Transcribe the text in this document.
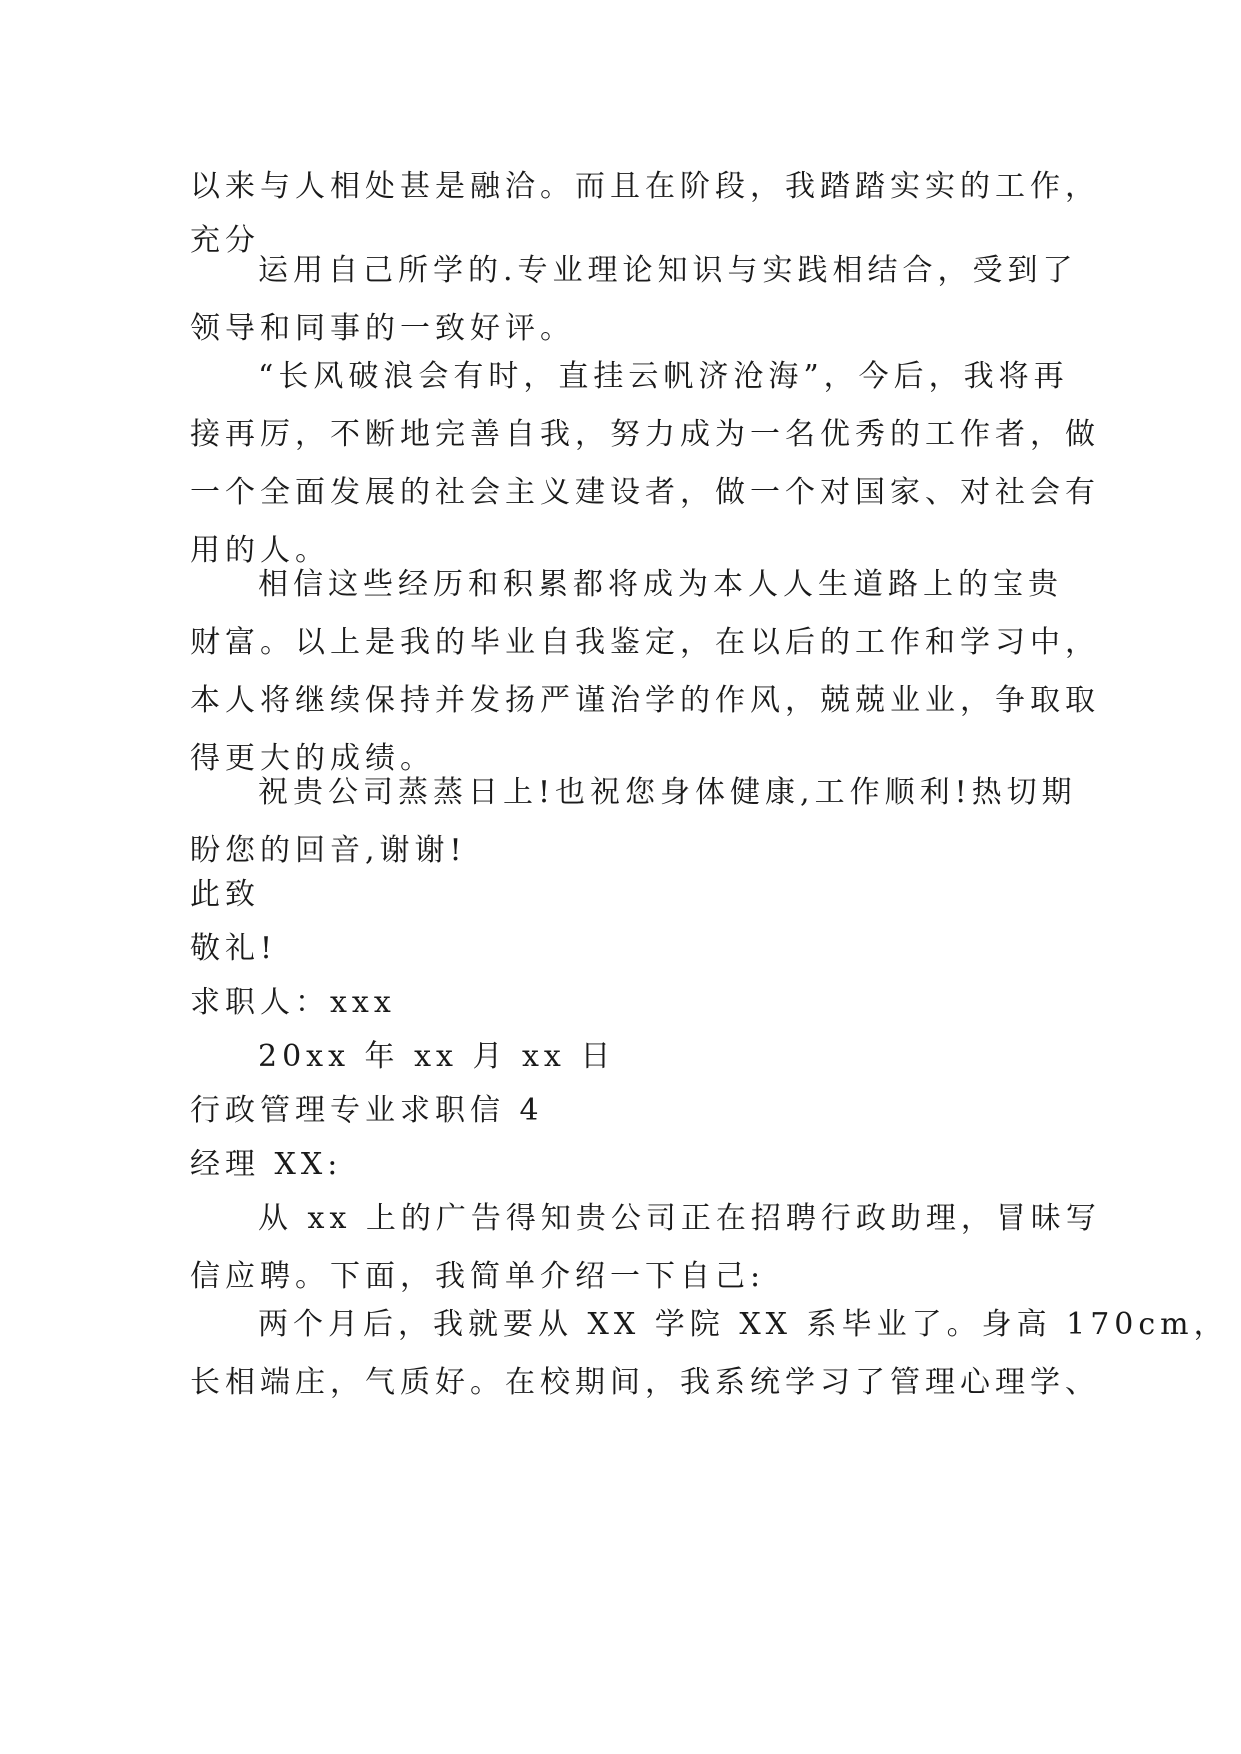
以来与人相处甚是融洽。而且在阶段，我踏踏实实的工作，
充分
运用自己所学的.专业理论知识与实践相结合，受到了
领导和同事的一致好评。
“长风破浪会有时，直挂云帆济沧海”，今后，我将再
接再厉，不断地完善自我，努力成为一名优秀的工作者，做
一个全面发展的社会主义建设者，做一个对国家、对社会有
用的人。
相信这些经历和积累都将成为本人人生道路上的宝贵
财富。以上是我的毕业自我鉴定，在以后的工作和学习中，
本人将继续保持并发扬严谨治学的作风，兢兢业业，争取取
得更大的成绩。
祝贵公司蒸蒸日上!也祝您身体健康,工作顺利!热切期
盼您的回音,谢谢!
此致
敬礼!
求职人：xxx
20xx 年 xx 月 xx 日
行政管理专业求职信 4
经理 XX:
从 xx 上的广告得知贵公司正在招聘行政助理，冒昧写
信应聘。下面，我简单介绍一下自己:
两个月后，我就要从 XX 学院 XX 系毕业了。身高 170cm，
长相端庄，气质好。在校期间，我系统学习了管理心理学、
